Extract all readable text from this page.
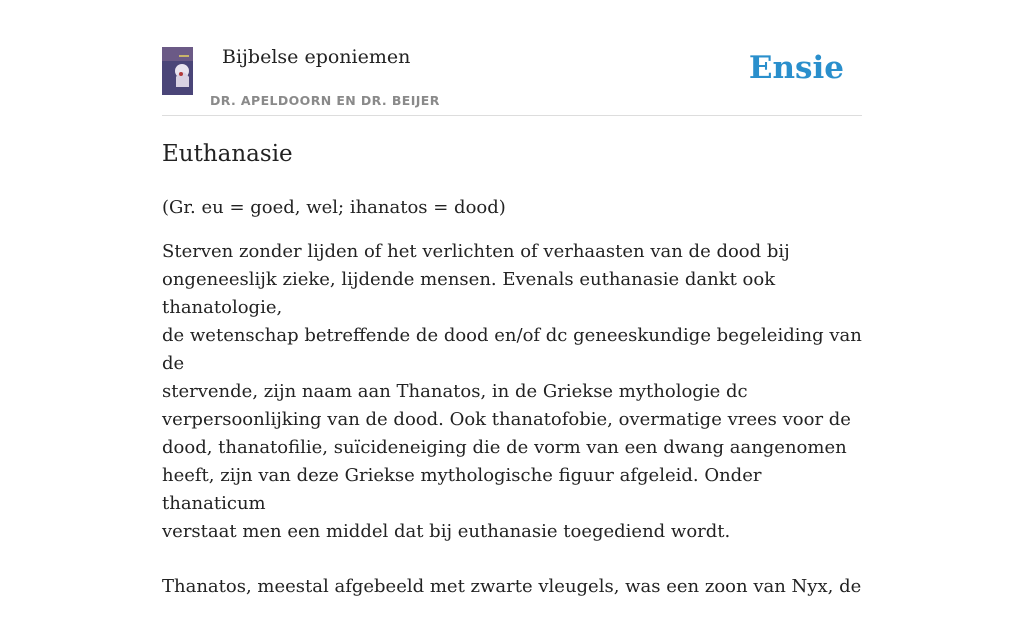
Bijbelse eponiemen
DR. APELDOORN EN DR. BEIJER
Ensie
Euthanasie

(Gr. eu = goed, wel; ihanatos = dood)

Sterven zonder lijden of het verlichten of verhaasten van de dood bij
ongeneeslijk zieke, lijdende mensen. Evenals euthanasie dankt ook thanatologie,
de wetenschap betreffende de dood en/of dc geneeskundige begeleiding van de
stervende, zijn naam aan Thanatos, in de Griekse mythologie dc
verpersoonlijking van de dood. Ook thanatofobie, overmatige vrees voor de
dood, thanatofilie, suïcideneiging die de vorm van een dwang aangenomen
heeft, zijn van deze Griekse mythologische figuur afgeleid. Onder thanaticum
verstaat men een middel dat bij euthanasie toegediend wordt.

Thanatos, meestal afgebeeld met zwarte vleugels, was een zoon van Nyx, de
